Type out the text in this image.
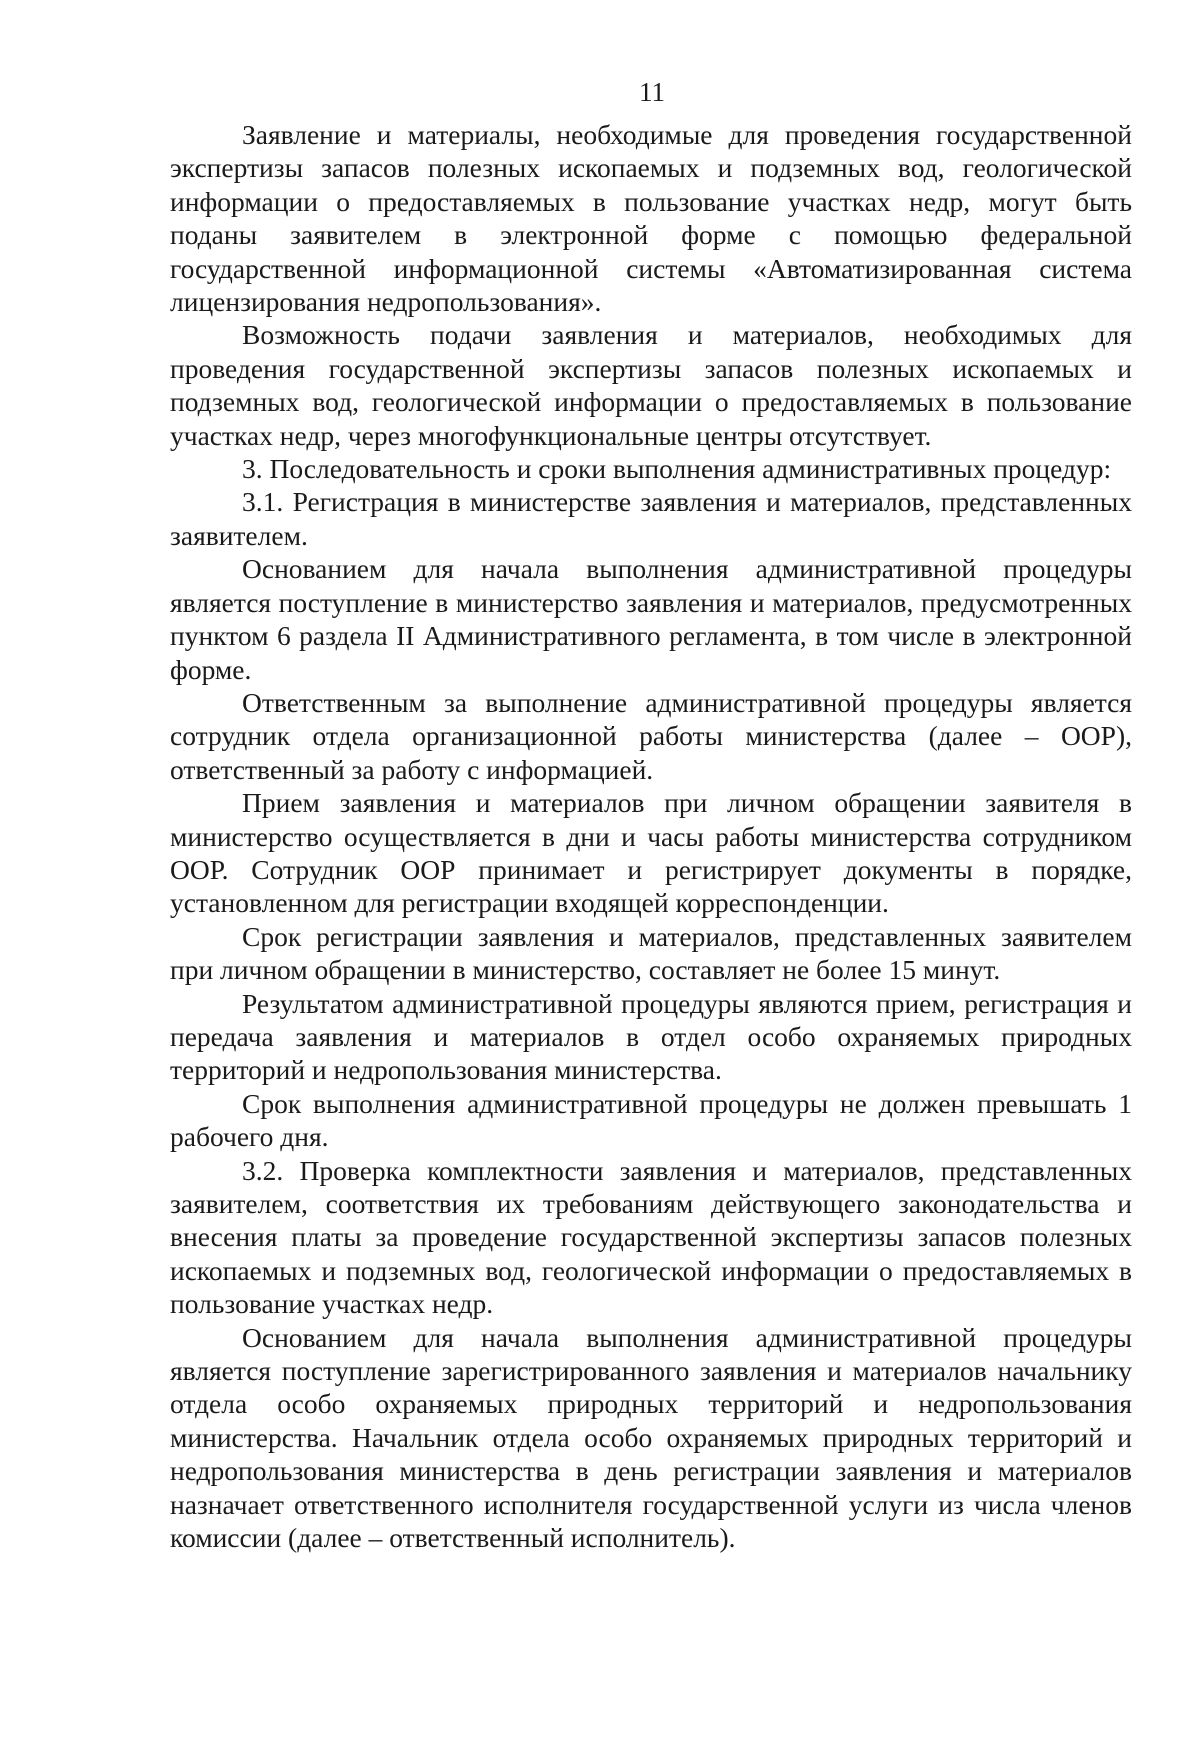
11

Заявление и материалы, необходимые для проведения государственной экспертизы запасов полезных ископаемых и подземных вод, геологической информации о предоставляемых в пользование участках недр, могут быть поданы заявителем в электронной форме с помощью федеральной государственной информационной системы «Автоматизированная система лицензирования недропользования».

Возможность подачи заявления и материалов, необходимых для проведения государственной экспертизы запасов полезных ископаемых и подземных вод, геологической информации о предоставляемых в пользование участках недр, через многофункциональные центры отсутствует.

3. Последовательность и сроки выполнения административных процедур:

3.1. Регистрация в министерстве заявления и материалов, представленных заявителем.

Основанием для начала выполнения административной процедуры является поступление в министерство заявления и материалов, предусмотренных пунктом 6 раздела II Административного регламента, в том числе в электронной форме.

Ответственным за выполнение административной процедуры является сотрудник отдела организационной работы министерства (далее – ООР), ответственный за работу с информацией.

Прием заявления и материалов при личном обращении заявителя в министерство осуществляется в дни и часы работы министерства сотрудником ООР. Сотрудник ООР принимает и регистрирует документы в порядке, установленном для регистрации входящей корреспонденции.

Срок регистрации заявления и материалов, представленных заявителем при личном обращении в министерство, составляет не более 15 минут.

Результатом административной процедуры являются прием, регистрация и передача заявления и материалов в отдел особо охраняемых природных территорий и недропользования министерства.

Срок выполнения административной процедуры не должен превышать 1 рабочего дня.

3.2. Проверка комплектности заявления и материалов, представленных заявителем, соответствия их требованиям действующего законодательства и внесения платы за проведение государственной экспертизы запасов полезных ископаемых и подземных вод, геологической информации о предоставляемых в пользование участках недр.

Основанием для начала выполнения административной процедуры является поступление зарегистрированного заявления и материалов начальнику отдела особо охраняемых природных территорий и недропользования министерства. Начальник отдела особо охраняемых природных территорий и недропользования министерства в день регистрации заявления и материалов назначает ответственного исполнителя государственной услуги из числа членов комиссии (далее – ответственный исполнитель).
